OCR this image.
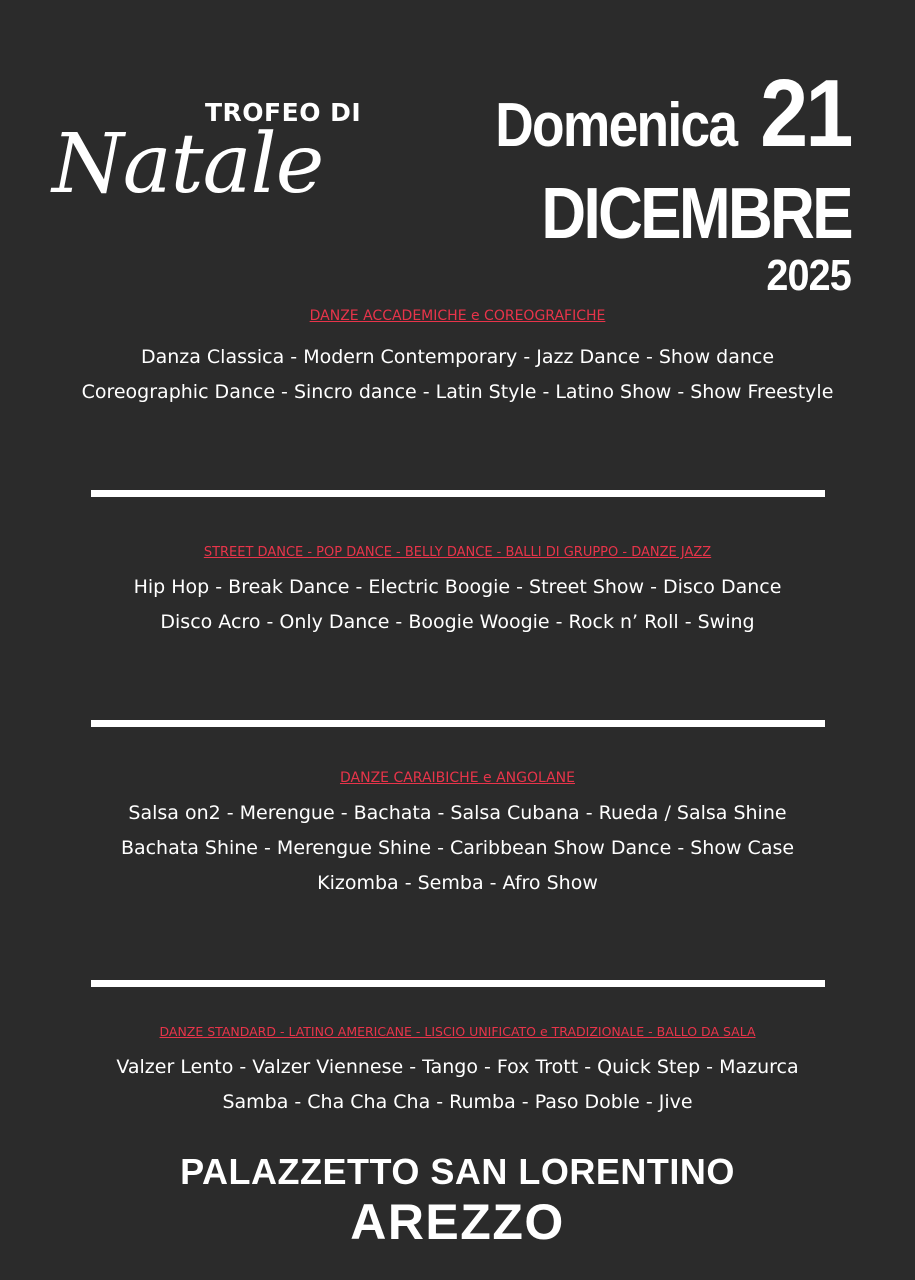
TROFEO DI
Natale	Domenica 21
DICEMBRE
2025
DANZE ACCADEMICHE e COREOGRAFICHE
Danza Classica - Modern Contemporary - Jazz Dance - Show dance
Coreographic Dance - Sincro dance - Latin Style - Latino Show - Show Freestyle
STREET DANCE - POP DANCE - BELLY DANCE - BALLI DI GRUPPO - DANZE JAZZ
Hip Hop - Break Dance - Electric Boogie - Street Show - Disco Dance
Disco Acro - Only Dance - Boogie Woogie - Rock n’ Roll - Swing
DANZE CARAIBICHE e ANGOLANE
Salsa on2 - Merengue - Bachata - Salsa Cubana - Rueda / Salsa Shine
Bachata Shine - Merengue Shine - Caribbean Show Dance - Show Case
Kizomba - Semba - Afro Show
DANZE STANDARD - LATINO AMERICANE - LISCIO UNIFICATO e TRADIZIONALE - BALLO DA SALA
Valzer Lento - Valzer Viennese - Tango - Fox Trott - Quick Step - Mazurca
Samba - Cha Cha Cha - Rumba - Paso Doble - Jive
PALAZZETTO SAN LORENTINO
AREZZO
